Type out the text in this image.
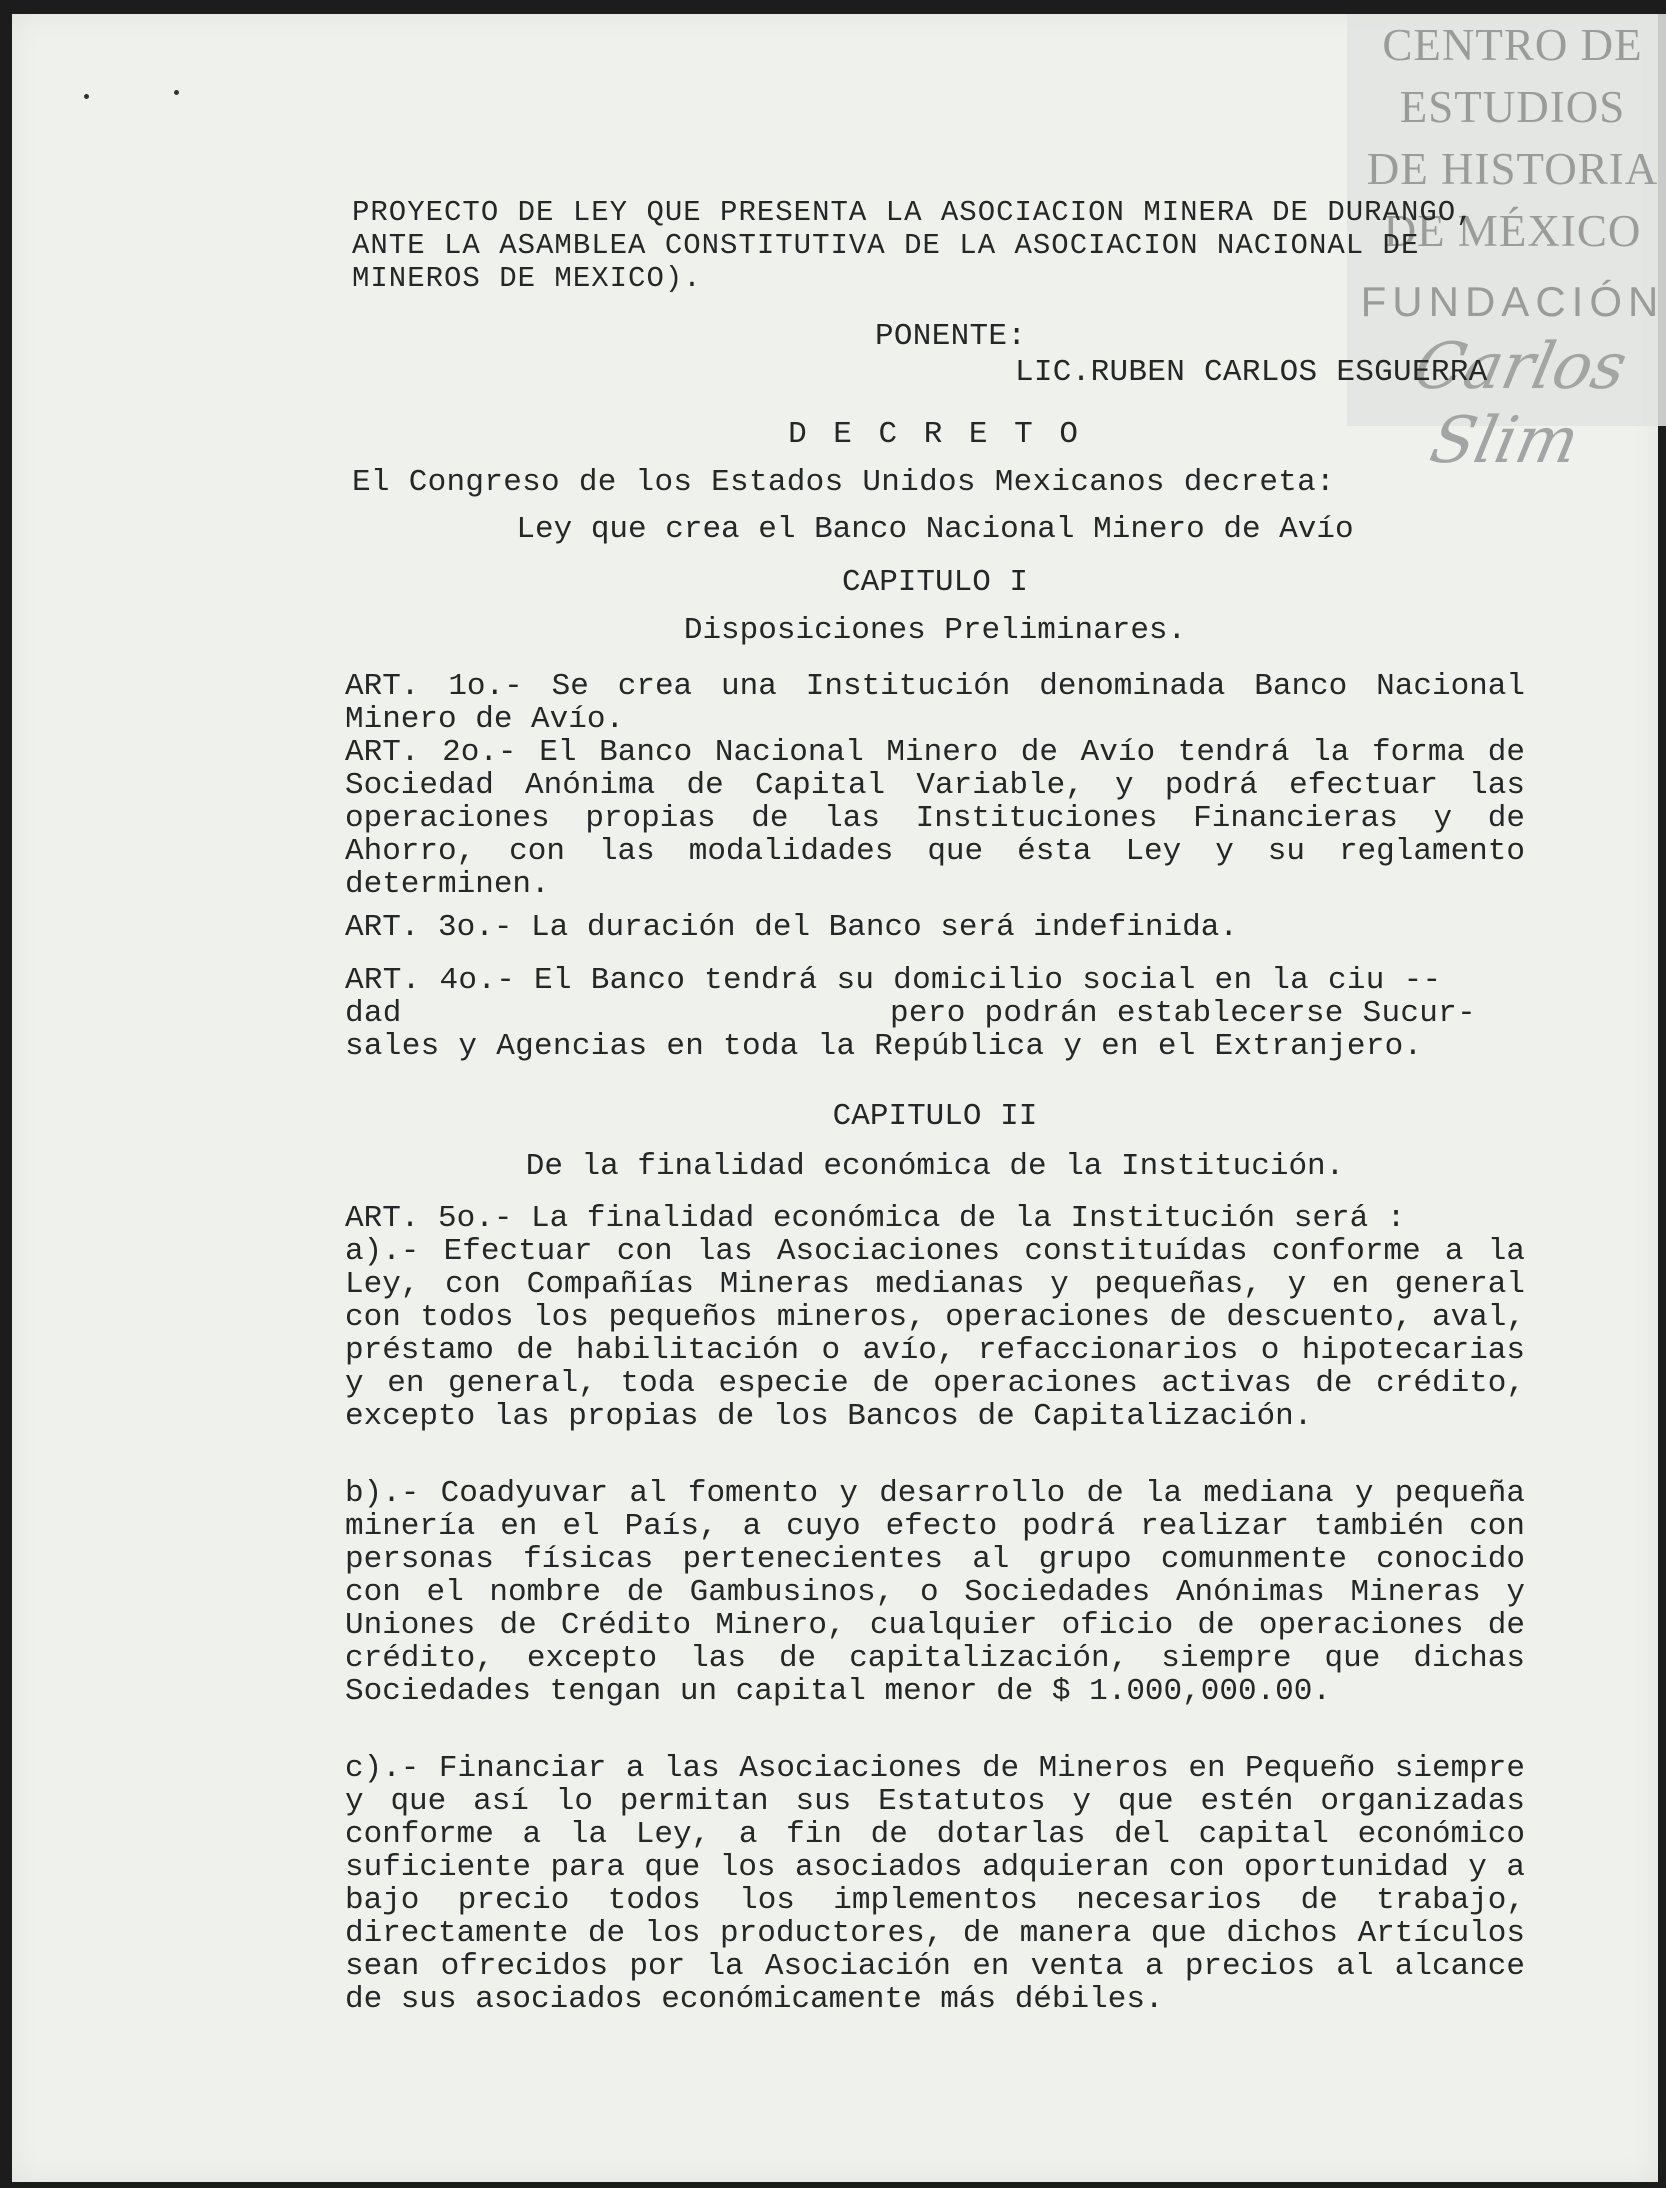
CENTRO DE
ESTUDIOS
DE HISTORIA
DE MÉXICO
FUNDACIÓN
Carlos Slim
PROYECTO DE LEY QUE PRESENTA LA ASOCIACION MINERA DE DURANGO, ANTE LA ASAMBLEA CONSTITUTIVA DE LA ASOCIACION NACIONAL DE MINEROS DE MEXICO).
PONENTE:
LIC.RUBEN CARLOS ESGUERRA
D E C R E T O
El Congreso de los Estados Unidos Mexicanos decreta:
Ley que crea el Banco Nacional Minero de Avío
CAPITULO I
Disposiciones Preliminares.
ART. 1o.- Se crea una Institución denominada Banco Nacional Minero de Avío.
ART. 2o.- El Banco Nacional Minero de Avío tendrá la forma de Sociedad Anónima de Capital Variable, y podrá efectuar las operaciones propias de las Instituciones Financieras y de Ahorro, con las modalidades que ésta Ley y su reglamento determinen.
ART. 3o.- La duración del Banco será indefinida.
ART. 4o.- El Banco tendrá su domicilio social en la ciu --
dad	pero podrán establecerse Sucur-
sales y Agencias en toda la República y en el Extranjero.
CAPITULO II
De la finalidad económica de la Institución.
ART. 5o.- La finalidad económica de la Institución será :
a).- Efectuar con las Asociaciones constituídas conforme a la Ley, con Compañías Mineras medianas y pequeñas, y en general con todos los pequeños mineros, operaciones de descuento, aval, préstamo de habilitación o avío, refaccionarios o hipotecarias y en general, toda especie de operaciones activas de crédito, excepto las propias de los Bancos de Capitalización.
b).- Coadyuvar al fomento y desarrollo de la mediana y pequeña minería en el País, a cuyo efecto podrá realizar también con personas físicas pertenecientes al grupo comunmente conocido con el nombre de Gambusinos, o Sociedades Anónimas Mineras y Uniones de Crédito Minero, cualquier oficio de operaciones de crédito, excepto las de capitalización, siempre que dichas Sociedades tengan un capital menor de $ 1.000,000.00.
c).- Financiar a las Asociaciones de Mineros en Pequeño siempre y que así lo permitan sus Estatutos y que estén organizadas conforme a la Ley, a fin de dotarlas del capital económico suficiente para que los asociados adquieran con oportunidad y a bajo precio todos los implementos necesarios de trabajo, directamente de los productores, de manera que dichos Artículos sean ofrecidos por la Asociación en venta a precios al alcance de sus asociados económicamente más débiles.
